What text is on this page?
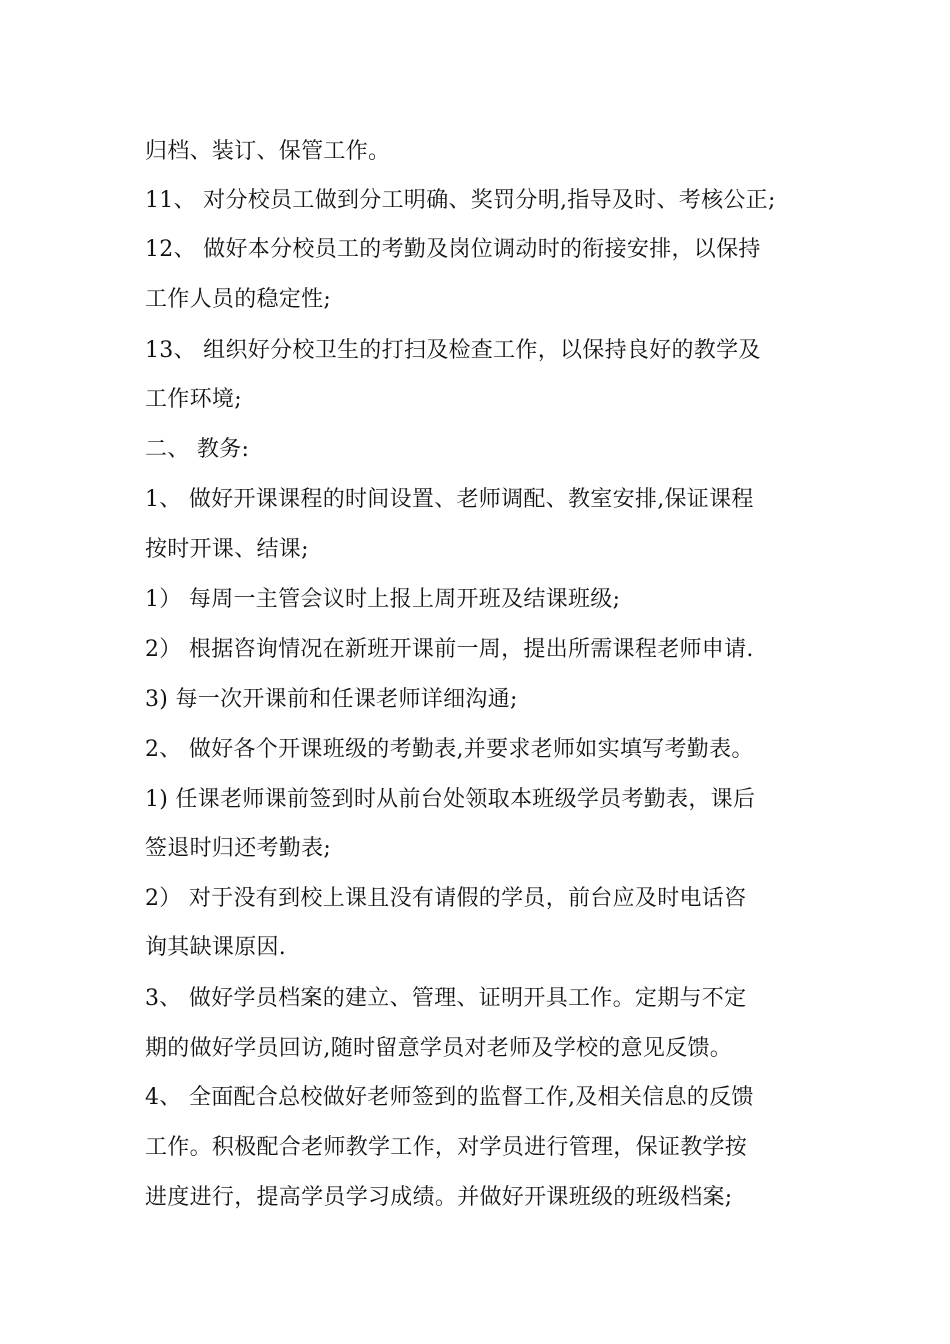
归档、装订、保管工作。
11、 对分校员工做到分工明确、奖罚分明,指导及时、考核公正;
12、 做好本分校员工的考勤及岗位调动时的衔接安排，以保持
工作人员的稳定性;
13、 组织好分校卫生的打扫及检查工作，以保持良好的教学及
工作环境;
二、 教务:
1、 做好开课课程的时间设置、老师调配、教室安排,保证课程
按时开课、结课;
1） 每周一主管会议时上报上周开班及结课班级;
2） 根据咨询情况在新班开课前一周，提出所需课程老师申请.
3) 每一次开课前和任课老师详细沟通;
2、 做好各个开课班级的考勤表,并要求老师如实填写考勤表。
1) 任课老师课前签到时从前台处领取本班级学员考勤表，课后
签退时归还考勤表;
2） 对于没有到校上课且没有请假的学员，前台应及时电话咨
询其缺课原因.
3、 做好学员档案的建立、管理、证明开具工作。定期与不定
期的做好学员回访,随时留意学员对老师及学校的意见反馈。
4、 全面配合总校做好老师签到的监督工作,及相关信息的反馈
工作。积极配合老师教学工作，对学员进行管理，保证教学按
进度进行，提高学员学习成绩。并做好开课班级的班级档案;
